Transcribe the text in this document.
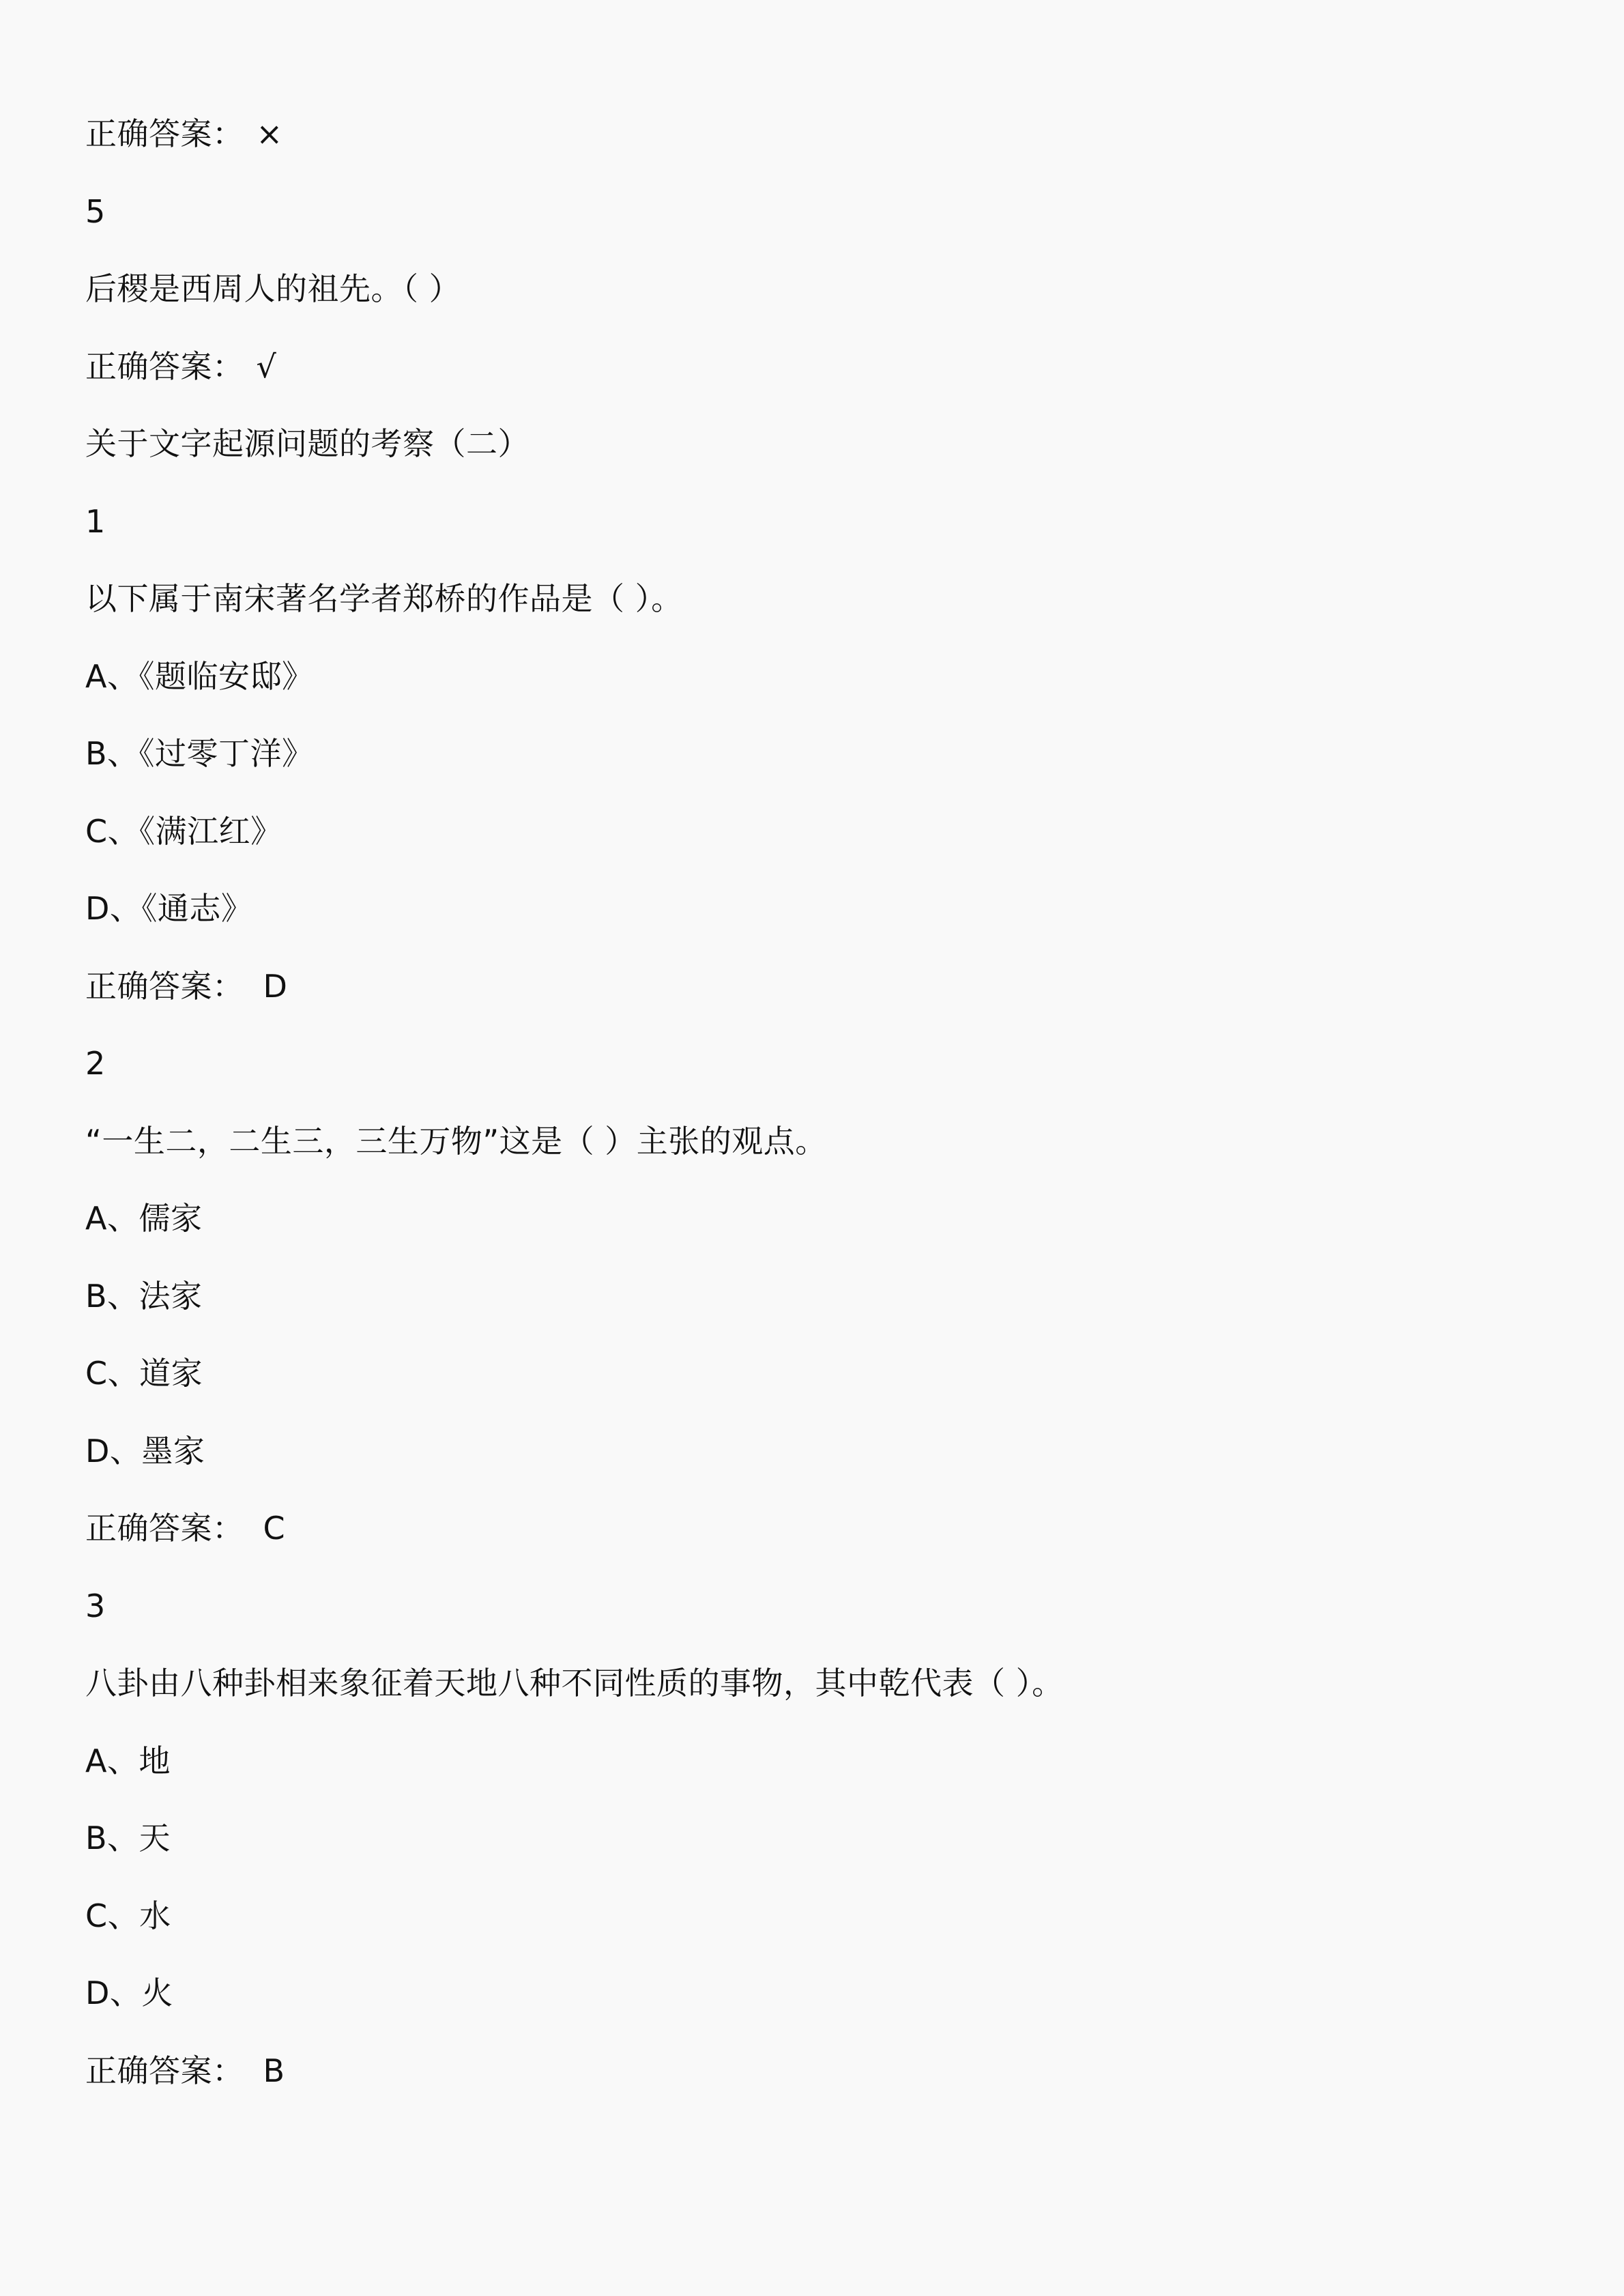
正确答案： ×
5
后稷是西周人的祖先。（ ）
正确答案： √
关于文字起源问题的考察（二）
1
以下属于南宋著名学者郑桥的作品是（ ）。
A、《题临安邸》
B、《过零丁洋》
C、《满江红》
D、《通志》
正确答案： D
2
“一生二，二生三，三生万物”这是（ ）主张的观点。
A、儒家
B、法家
C、道家
D、墨家
正确答案： C
3
八卦由八种卦相来象征着天地八种不同性质的事物，其中乾代表（ ）。
A、地
B、天
C、水
D、火
正确答案： B
